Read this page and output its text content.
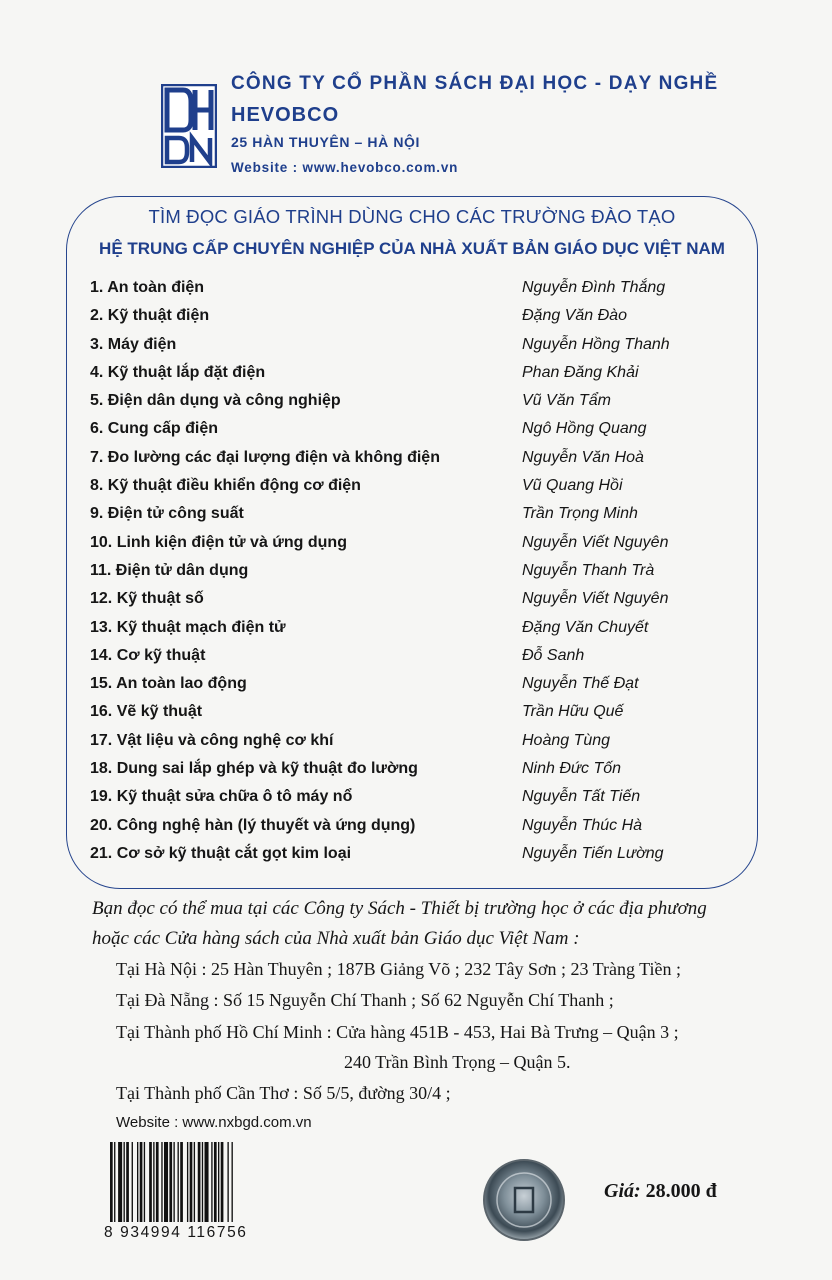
CÔNG TY CỔ PHẦN SÁCH ĐẠI HỌC - DẠY NGHỀ
HEVOBCO
25 HÀN THUYÊN – HÀ NỘI
Website : www.hevobco.com.vn
TÌM ĐỌC GIÁO TRÌNH DÙNG CHO CÁC TRƯỜNG ĐÀO TẠO
HỆ TRUNG CẤP CHUYÊN NGHIỆP CỦA NHÀ XUẤT BẢN GIÁO DỤC VIỆT NAM
1. An toàn điện	Nguyễn Đình Thắng
2. Kỹ thuật điện	Đặng Văn Đào
3. Máy điện	Nguyễn Hồng Thanh
4. Kỹ thuật lắp đặt điện	Phan Đăng Khải
5. Điện dân dụng và công nghiệp	Vũ Văn Tẩm
6. Cung cấp điện	Ngô Hồng Quang
7. Đo lường các đại lượng điện và không điện	Nguyễn Văn Hoà
8. Kỹ thuật điều khiển động cơ điện	Vũ Quang Hồi
9. Điện tử công suất	Trần Trọng Minh
10. Linh kiện điện tử và ứng dụng	Nguyễn Viết Nguyên
11. Điện tử dân dụng	Nguyễn Thanh Trà
12. Kỹ thuật số	Nguyễn Viết Nguyên
13. Kỹ thuật mạch điện tử	Đặng Văn Chuyết
14. Cơ kỹ thuật	Đỗ Sanh
15. An toàn lao động	Nguyễn Thế Đạt
16. Vẽ kỹ thuật	Trần Hữu Quế
17. Vật liệu và công nghệ cơ khí	Hoàng Tùng
18. Dung sai lắp ghép và kỹ thuật đo lường	Ninh Đức Tốn
19. Kỹ thuật sửa chữa ô tô máy nổ	Nguyễn Tất Tiến
20. Công nghệ hàn (lý thuyết và ứng dụng)	Nguyễn Thúc Hà
21. Cơ sở kỹ thuật cắt gọt kim loại	Nguyễn Tiến Lường
Bạn đọc có thể mua tại các Công ty Sách - Thiết bị trường học ở các địa phương
hoặc các Cửa hàng sách của Nhà xuất bản Giáo dục Việt Nam :
Tại Hà Nội : 25 Hàn Thuyên ; 187B Giảng Võ ; 232 Tây Sơn ; 23 Tràng Tiền ;
Tại Đà Nẵng : Số 15 Nguyễn Chí Thanh ; Số 62 Nguyễn Chí Thanh ;
Tại Thành phố Hồ Chí Minh : Cửa hàng 451B - 453, Hai Bà Trưng – Quận 3 ;
240 Trần Bình Trọng – Quận 5.
Tại Thành phố Cần Thơ : Số 5/5, đường 30/4 ;
Website : www.nxbgd.com.vn
8 934994 116756
Giá: 28.000 đ
